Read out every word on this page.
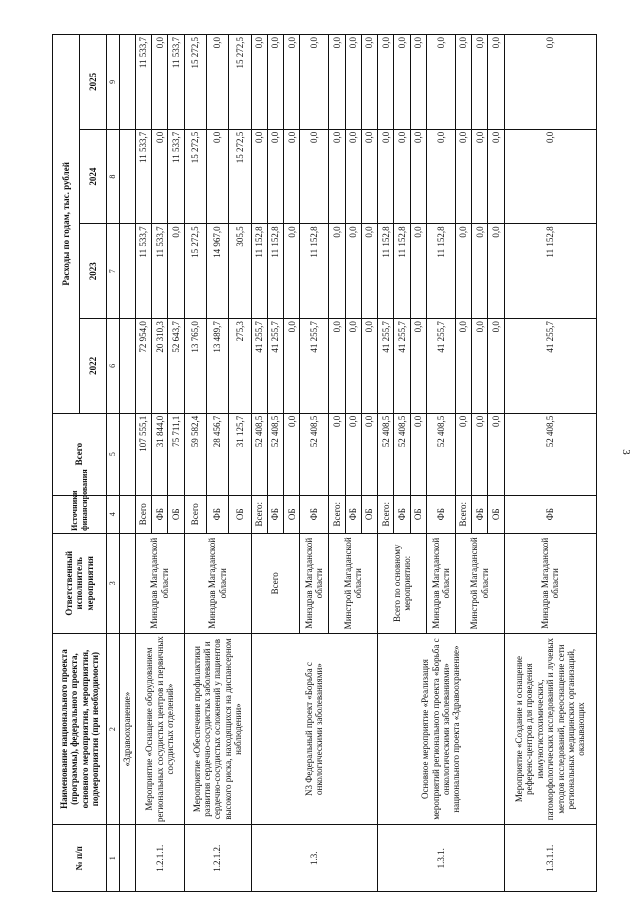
3
№ п/п	Наименование национального проекта (программы), федерального проекта, основного мероприятия, мероприятия, подмероприятия (при необходимости)	Ответственный исполнитель мероприятия	Источники финансирования	Всего	Расходы по годам, тыс. рублей			
					2022	2023	2024	2025
1	2	3	4	5	6	7	8	9
	«Здравоохранение»							
1.2.1.1.	Мероприятие «Оснащение оборудованием региональных сосудистых центров и первичных сосудистых отделений»	Минздрав Магаданской области	Всего	107 555,1	72 954,0	11 533,7	11 533,7	11 533,7
			ФБ	31 844,0	20 310,3	11 533,7	0,0	0,0
			ОБ	75 711,1	52 643,7	0,0	11 533,7	11 533,7
1.2.1.2.	Мероприятие «Обеспечение профилактики развития сердечно-сосудистых заболеваний и сердечно-сосудистых осложнений у пациентов высокого риска, находящихся на диспансерном наблюдении»	Минздрав Магаданской области	Всего	59 582,4	13 765,0	15 272,5	15 272,5	15 272,5
			ФБ	28 456,7	13 489,7	14 967,0	0,0	0,0
			ОБ	31 125,7	275,3	305,5	15 272,5	15 272,5
1.3.	N3 Федеральный проект «Борьба с онкологическими заболеваниями»	Всего	Всего:	52 408,5	41 255,7	11 152,8	0,0	0,0
			ФБ	52 408,5	41 255,7	11 152,8	0,0	0,0
			ОБ	0,0	0,0	0,0	0,0	0,0
		Минздрав Магаданской области	ФБ	52 408,5	41 255,7	11 152,8	0,0	0,0
		Минстрой Магаданской области	Всего:	0,0	0,0	0,0	0,0	0,0
			ФБ	0,0	0,0	0,0	0,0	0,0
			ОБ	0,0	0,0	0,0	0,0	0,0
1.3.1.	Основное мероприятие «Реализация мероприятий регионального проекта «Борьба с онкологическими заболеваниями» национального проекта «Здравоохранение»	Всего по основному мероприятию:	Всего:	52 408,5	41 255,7	11 152,8	0,0	0,0
			ФБ	52 408,5	41 255,7	11 152,8	0,0	0,0
			ОБ	0,0	0,0	0,0	0,0	0,0
		Минздрав Магаданской области	ФБ	52 408,5	41 255,7	11 152,8	0,0	0,0
		Минстрой Магаданской области	Всего:	0,0	0,0	0,0	0,0	0,0
			ФБ	0,0	0,0	0,0	0,0	0,0
			ОБ	0,0	0,0	0,0	0,0	0,0
1.3.1.1.	Мероприятие «Создание и оснащение референс-центров для проведения иммуногистохимических, патоморфологических исследований и лучевых методов исследований, переоснащение сети региональных медицинских организаций, оказывающих	Минздрав Магаданской области	ФБ	52 408,5	41 255,7	11 152,8	0,0	0,0
